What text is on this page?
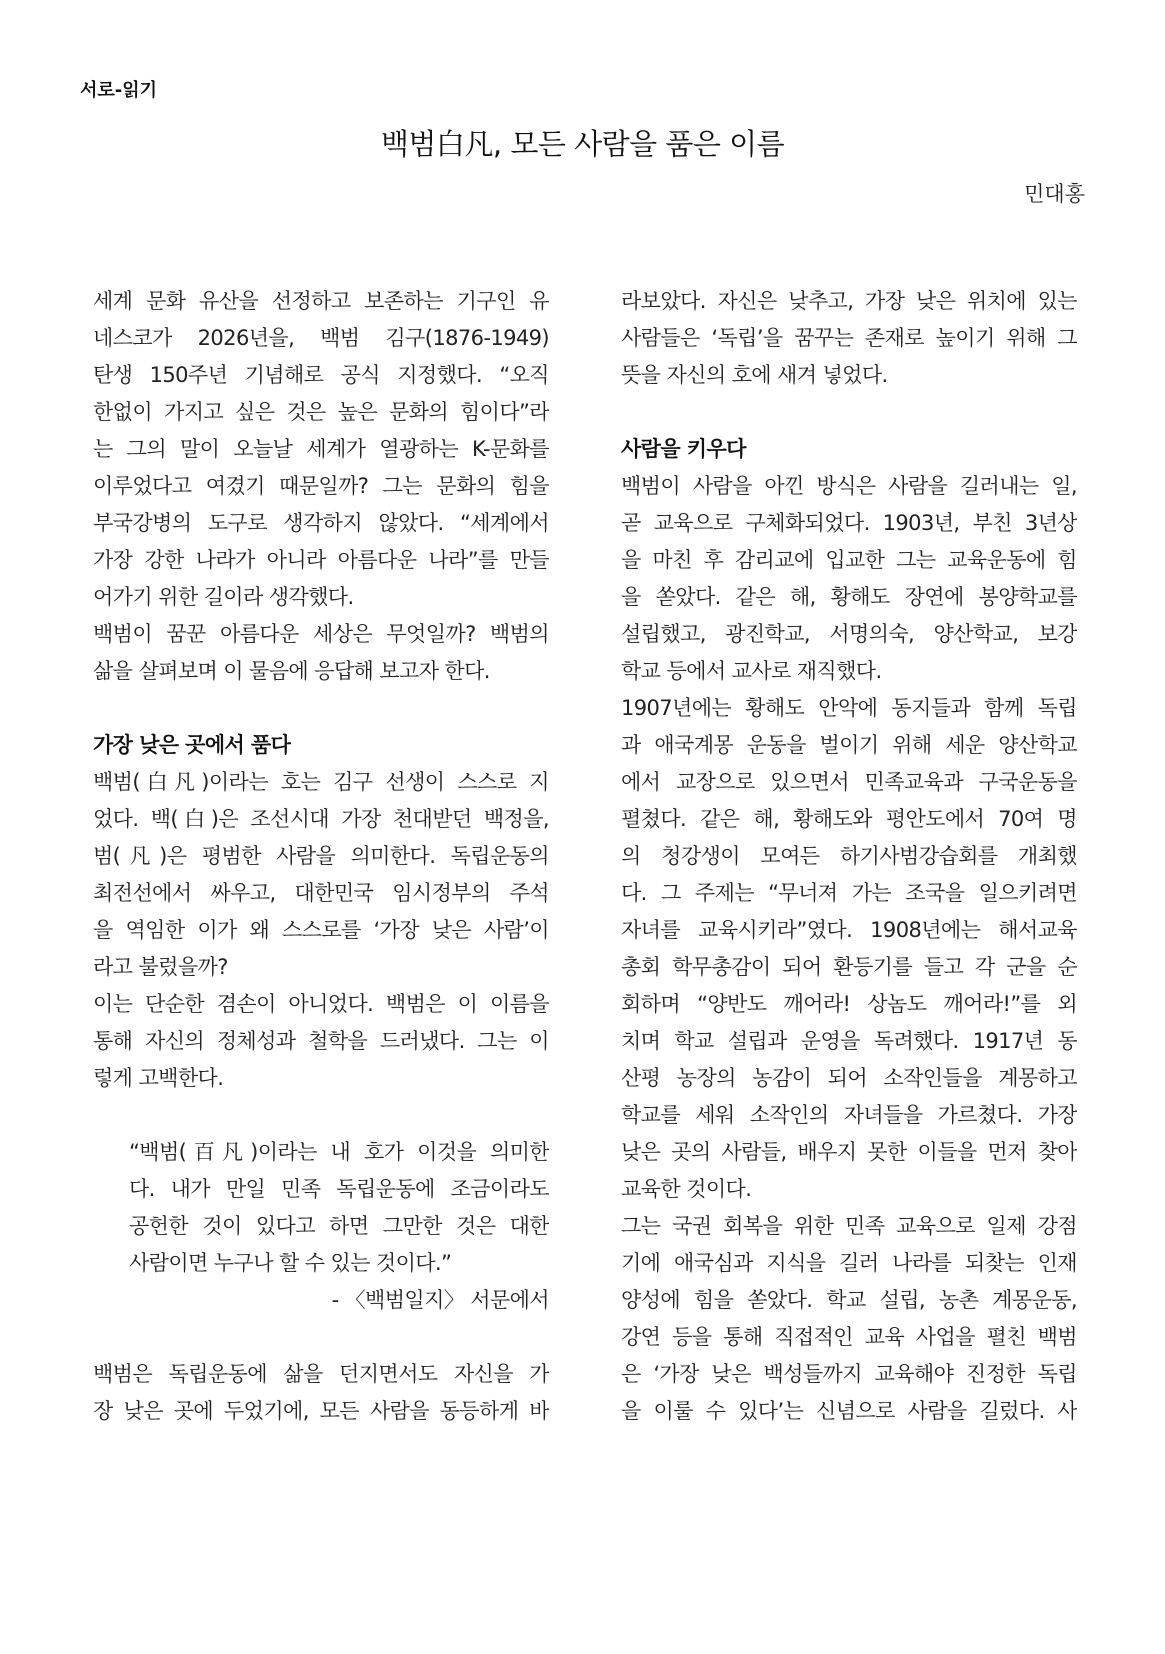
서로-읽기
백범白凡, 모든 사람을 품은 이름
민대홍
세계 문화 유산을 선정하고 보존하는 기구인 유
네스코가 2026년을, 백범 김구(1876-1949)
탄생 150주년 기념해로 공식 지정했다. “오직
한없이 가지고 싶은 것은 높은 문화의 힘이다”라
는 그의 말이 오늘날 세계가 열광하는 K-문화를
이루었다고 여겼기 때문일까? 그는 문화의 힘을
부국강병의 도구로 생각하지 않았다. “세계에서
가장 강한 나라가 아니라 아름다운 나라”를 만들
어가기 위한 길이라 생각했다.
백범이 꿈꾼 아름다운 세상은 무엇일까? 백범의
삶을 살펴보며 이 물음에 응답해 보고자 한다.
가장 낮은 곳에서 품다
백범(白凡)이라는 호는 김구 선생이 스스로 지
었다. 백(白)은 조선시대 가장 천대받던 백정을,
범(凡)은 평범한 사람을 의미한다. 독립운동의
최전선에서 싸우고, 대한민국 임시정부의 주석
을 역임한 이가 왜 스스로를 ‘가장 낮은 사람’이
라고 불렀을까?
이는 단순한 겸손이 아니었다. 백범은 이 이름을
통해 자신의 정체성과 철학을 드러냈다. 그는 이
렇게 고백한다.
“백범(百凡)이라는 내 호가 이것을 의미한
다. 내가 만일 민족 독립운동에 조금이라도
공헌한 것이 있다고 하면 그만한 것은 대한
사람이면 누구나 할 수 있는 것이다.”
- 〈백범일지〉 서문에서
백범은 독립운동에 삶을 던지면서도 자신을 가
장 낮은 곳에 두었기에, 모든 사람을 동등하게 바
라보았다. 자신은 낮추고, 가장 낮은 위치에 있는
사람들은 ‘독립’을 꿈꾸는 존재로 높이기 위해 그
뜻을 자신의 호에 새겨 넣었다.
사람을 키우다
백범이 사람을 아낀 방식은 사람을 길러내는 일,
곧 교육으로 구체화되었다. 1903년, 부친 3년상
을 마친 후 감리교에 입교한 그는 교육운동에 힘
을 쏟았다. 같은 해, 황해도 장연에 봉양학교를
설립했고, 광진학교, 서명의숙, 양산학교, 보강
학교 등에서 교사로 재직했다.
1907년에는 황해도 안악에 동지들과 함께 독립
과 애국계몽 운동을 벌이기 위해 세운 양산학교
에서 교장으로 있으면서 민족교육과 구국운동을
펼쳤다. 같은 해, 황해도와 평안도에서 70여 명
의 청강생이 모여든 하기사범강습회를 개최했
다. 그 주제는 “무너져 가는 조국을 일으키려면
자녀를 교육시키라”였다. 1908년에는 해서교육
총회 학무총감이 되어 환등기를 들고 각 군을 순
회하며 “양반도 깨어라! 상놈도 깨어라!”를 외
치며 학교 설립과 운영을 독려했다. 1917년 동
산평 농장의 농감이 되어 소작인들을 계몽하고
학교를 세워 소작인의 자녀들을 가르쳤다. 가장
낮은 곳의 사람들, 배우지 못한 이들을 먼저 찾아
교육한 것이다.
그는 국권 회복을 위한 민족 교육으로 일제 강점
기에 애국심과 지식을 길러 나라를 되찾는 인재
양성에 힘을 쏟았다. 학교 설립, 농촌 계몽운동,
강연 등을 통해 직접적인 교육 사업을 펼친 백범
은 ‘가장 낮은 백성들까지 교육해야 진정한 독립
을 이룰 수 있다’는 신념으로 사람을 길렀다. 사
